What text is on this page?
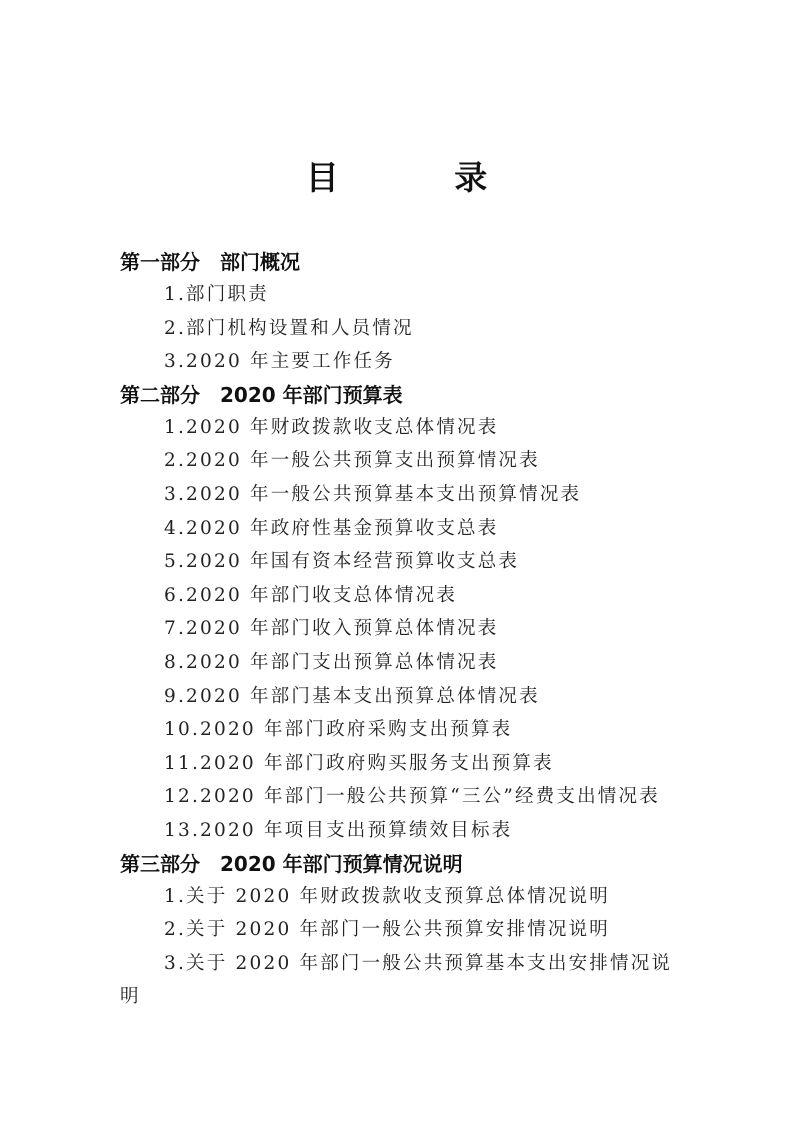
目 录
第一部分　部门概况
1.部门职责
2.部门机构设置和人员情况
3.2020 年主要工作任务
第二部分　2020 年部门预算表
1.2020 年财政拨款收支总体情况表
2.2020 年一般公共预算支出预算情况表
3.2020 年一般公共预算基本支出预算情况表
4.2020 年政府性基金预算收支总表
5.2020 年国有资本经营预算收支总表
6.2020 年部门收支总体情况表
7.2020 年部门收入预算总体情况表
8.2020 年部门支出预算总体情况表
9.2020 年部门基本支出预算总体情况表
10.2020 年部门政府采购支出预算表
11.2020 年部门政府购买服务支出预算表
12.2020 年部门一般公共预算“三公”经费支出情况表
13.2020 年项目支出预算绩效目标表
第三部分　2020 年部门预算情况说明
1.关于 2020 年财政拨款收支预算总体情况说明
2.关于 2020 年部门一般公共预算安排情况说明
3.关于 2020 年部门一般公共预算基本支出安排情况说
明
